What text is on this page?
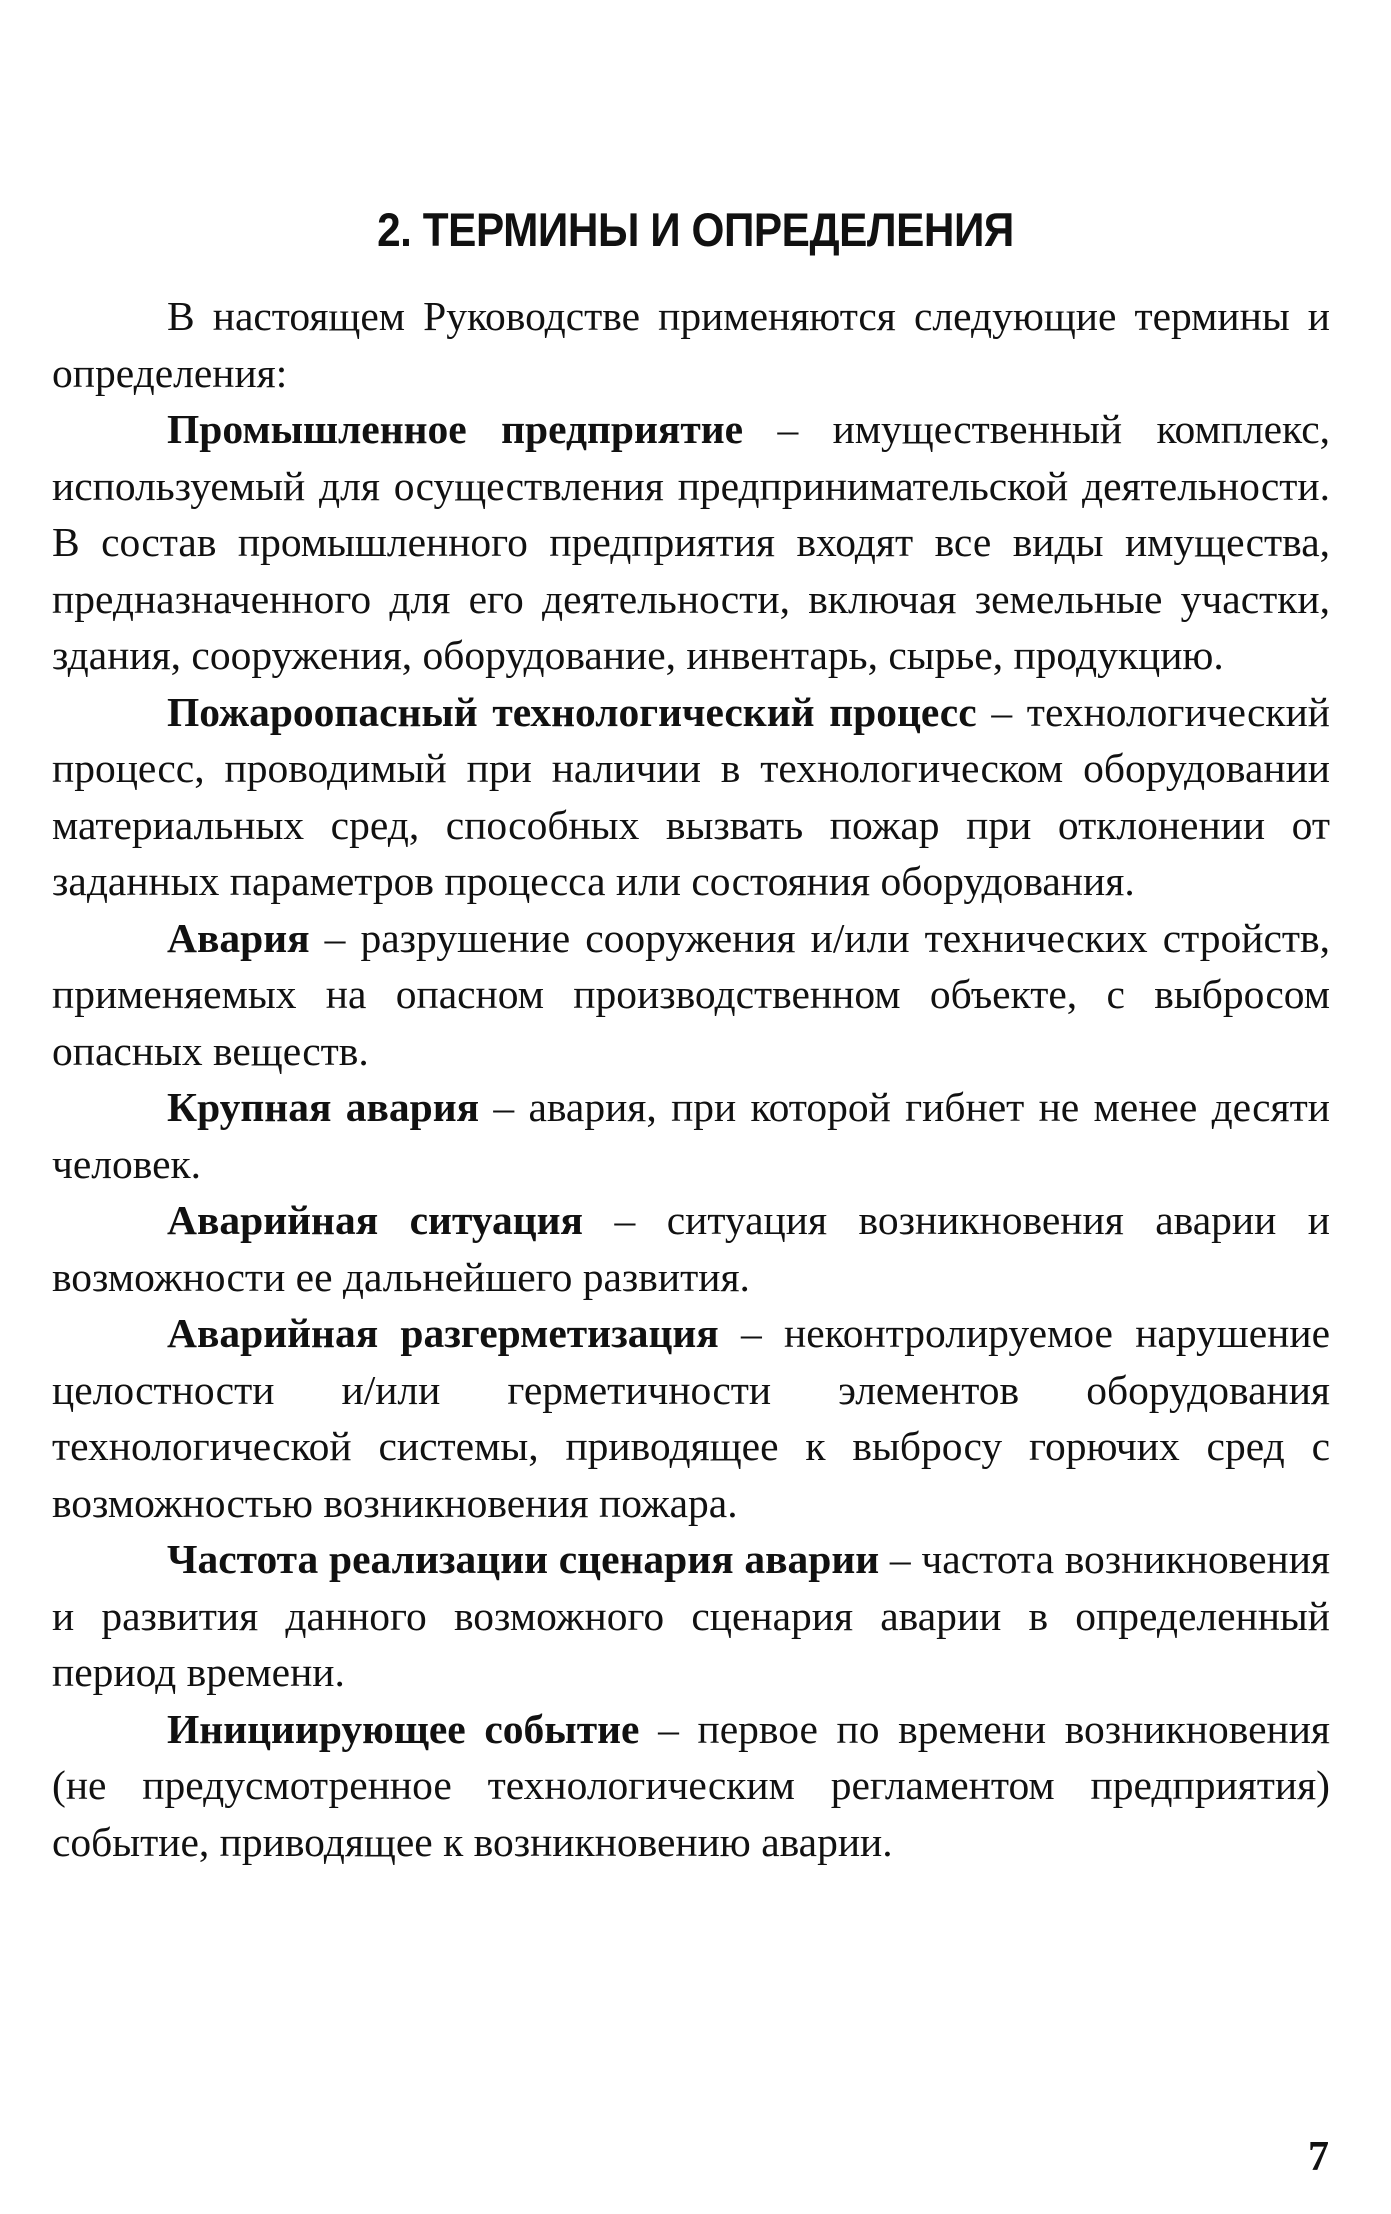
2. ТЕРМИНЫ И ОПРЕДЕЛЕНИЯ

В настоящем Руководстве применяются следующие термины и определения:

Промышленное предприятие – имущественный комплекс, используемый для осуществления предпринимательской деятельности. В состав промышленного предприятия входят все виды имущества, предназначенного для его деятельности, включая земельные участки, здания, сооружения, оборудование, инвентарь, сырье, продукцию.

Пожароопасный технологический процесс – технологический процесс, проводимый при наличии в технологическом оборудовании материальных сред, способных вызвать пожар при отклонении от заданных параметров процесса или состояния оборудования.

Авария – разрушение сооружения и/или технических стройств, применяемых на опасном производственном объекте, с выбросом опасных веществ.

Крупная авария – авария, при которой гибнет не менее десяти человек.

Аварийная ситуация – ситуация возникновения аварии и возможности ее дальнейшего развития.

Аварийная разгерметизация – неконтролируемое нарушение целостности и/или герметичности элементов оборудования технологической системы, приводящее к выбросу горючих сред с возможностью возникновения пожара.

Частота реализации сценария аварии – частота возникновения и развития данного возможного сценария аварии в определенный период времени.

Инициирующее событие – первое по времени возникновения (не предусмотренное технологическим регламентом предприятия) событие, приводящее к возникновению аварии.

7
